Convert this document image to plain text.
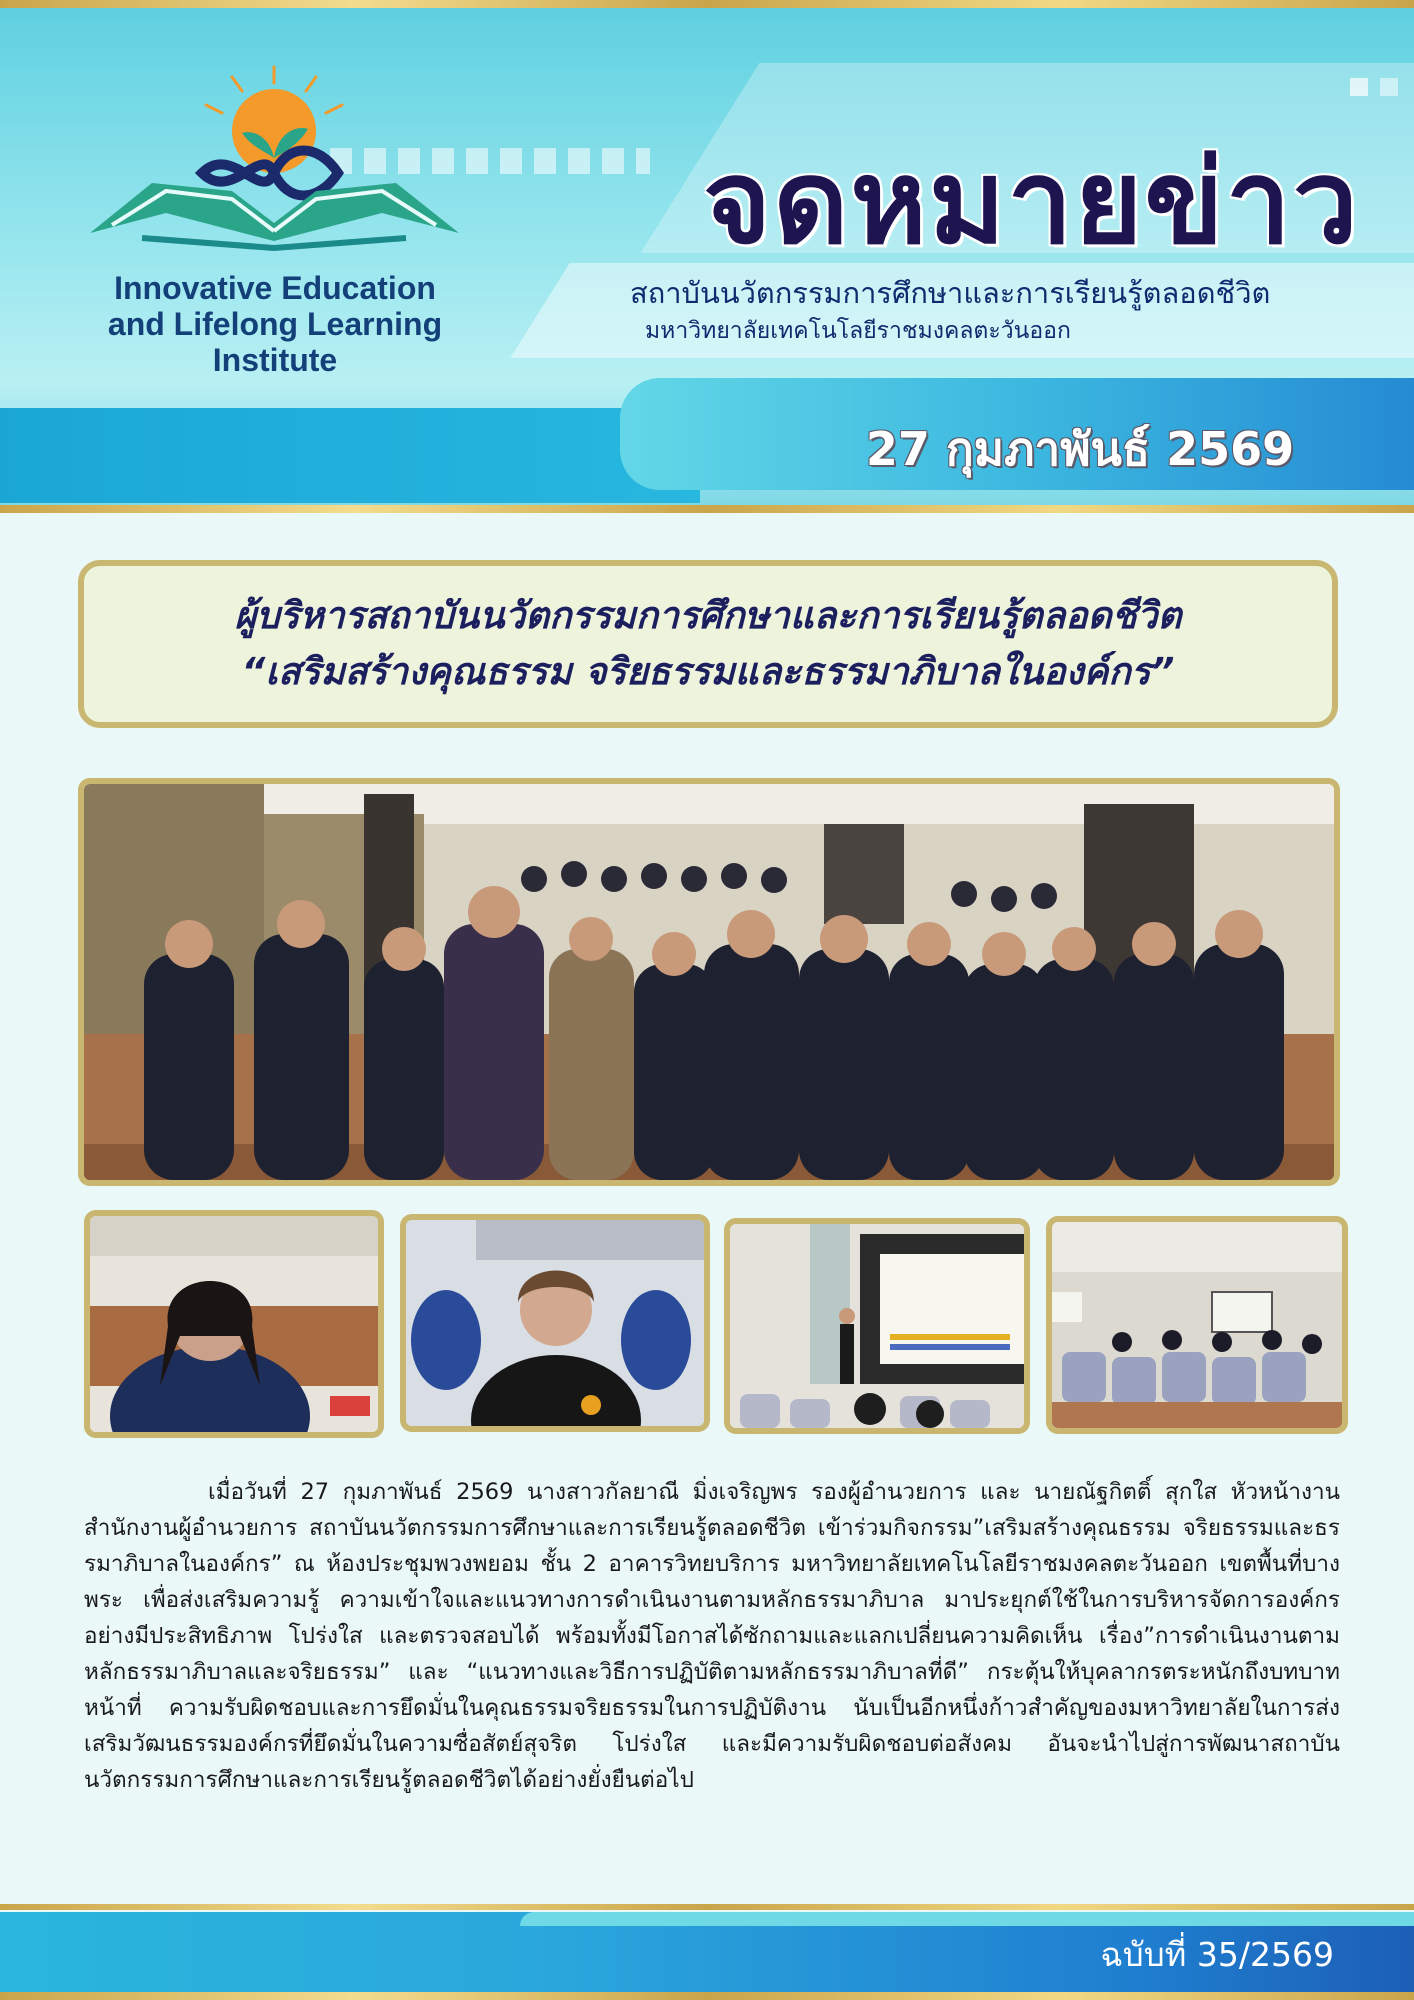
Innovative Education
and Lifelong Learning
Institute
จดหมายข่าว
สถาบันนวัตกรรมการศึกษาและการเรียนรู้ตลอดชีวิต
มหาวิทยาลัยเทคโนโลยีราชมงคลตะวันออก
27 กุมภาพันธ์ 2569
ผู้บริหารสถาบันนวัตกรรมการศึกษาและการเรียนรู้ตลอดชีวิต
“เสริมสร้างคุณธรรม จริยธรรมและธรรมาภิบาลในองค์กร”
เมื่อวันที่ 27 กุมภาพันธ์ 2569 นางสาวกัลยาณี มิ่งเจริญพร รองผู้อำนวยการ และ นายณัฐกิตติ์ สุกใส หัวหน้างานสำนักงานผู้อำนวยการ สถาบันนวัตกรรมการศึกษาและการเรียนรู้ตลอดชีวิต เข้าร่วมกิจกรรม”เสริมสร้างคุณธรรม จริยธรรมและธรรมาภิบาลในองค์กร” ณ ห้องประชุมพวงพยอม ชั้น 2 อาคารวิทยบริการ มหาวิทยาลัยเทคโนโลยีราชมงคลตะวันออก เขตพื้นที่บางพระ เพื่อส่งเสริมความรู้ ความเข้าใจและแนวทางการดำเนินงานตามหลักธรรมาภิบาล มาประยุกต์ใช้ในการบริหารจัดการองค์กรอย่างมีประสิทธิภาพ โปร่งใส และตรวจสอบได้ พร้อมทั้งมีโอกาสได้ซักถามและแลกเปลี่ยนความคิดเห็น เรื่อง”การดำเนินงานตามหลักธรรมาภิบาลและจริยธรรม” และ “แนวทางและวิธีการปฏิบัติตามหลักธรรมาภิบาลที่ดี” กระตุ้นให้บุคลากรตระหนักถึงบทบาทหน้าที่ ความรับผิดชอบและการยึดมั่นในคุณธรรมจริยธรรมในการปฏิบัติงาน นับเป็นอีกหนึ่งก้าวสำคัญของมหาวิทยาลัยในการส่งเสริมวัฒนธรรมองค์กรที่ยึดมั่นในความซื่อสัตย์สุจริต โปร่งใส และมีความรับผิดชอบต่อสังคม อันจะนำไปสู่การพัฒนาสถาบันนวัตกรรมการศึกษาและการเรียนรู้ตลอดชีวิตได้อย่างยั่งยืนต่อไป
ฉบับที่ 35/2569
